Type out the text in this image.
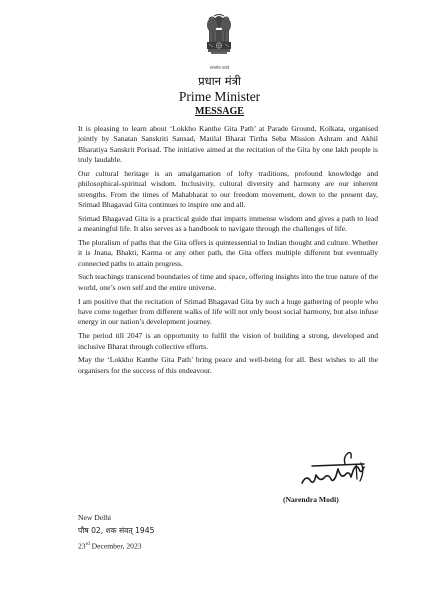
सत्यमेव जयते
प्रधान मंत्री
Prime Minister
MESSAGE

It is pleasing to learn about ‘Lokkho Kanthe Gita Path’ at Parade Ground, Kolkata, organised jointly by Sanatan Sanskriti Sansad, Matilal Bharat Tirtha Seba Mission Ashram and Akhil Bharatiya Sanskrit Porisad. The initiative aimed at the recitation of the Gita by one lakh people is truly laudable.

Our cultural heritage is an amalgamation of lofty traditions, profound knowledge and philosophical-spiritual wisdom. Inclusivity, cultural diversity and harmony are our inherent strengths. From the times of Mahabharat to our freedom movement, down to the present day, Srimad Bhagavad Gita continues to inspire one and all.

Srimad Bhagavad Gita is a practical guide that imparts immense wisdom and gives a path to lead a meaningful life. It also serves as a handbook to navigate through the challenges of life.

The pluralism of paths that the Gita offers is quintessential to Indian thought and culture. Whether it is Jnana, Bhakti, Karma or any other path, the Gita offers multiple different but eventually connected paths to attain progress.

Such teachings transcend boundaries of time and space, offering insights into the true nature of the world, one’s own self and the entire universe.

I am positive that the recitation of Srimad Bhagavad Gita by such a huge gathering of people who have come together from different walks of life will not only boost social harmony, but also infuse energy in our nation’s development journey.

The period till 2047 is an opportunity to fulfil the vision of building a strong, developed and inclusive Bharat through collective efforts.

May the ‘Lokkho Kanthe Gita Path’ bring peace and well-being for all. Best wishes to all the organisers for the success of this endeavour.

(Narendra Modi)
New Delhi
पौष 02, शक संवत् 1945
23rd December, 2023
